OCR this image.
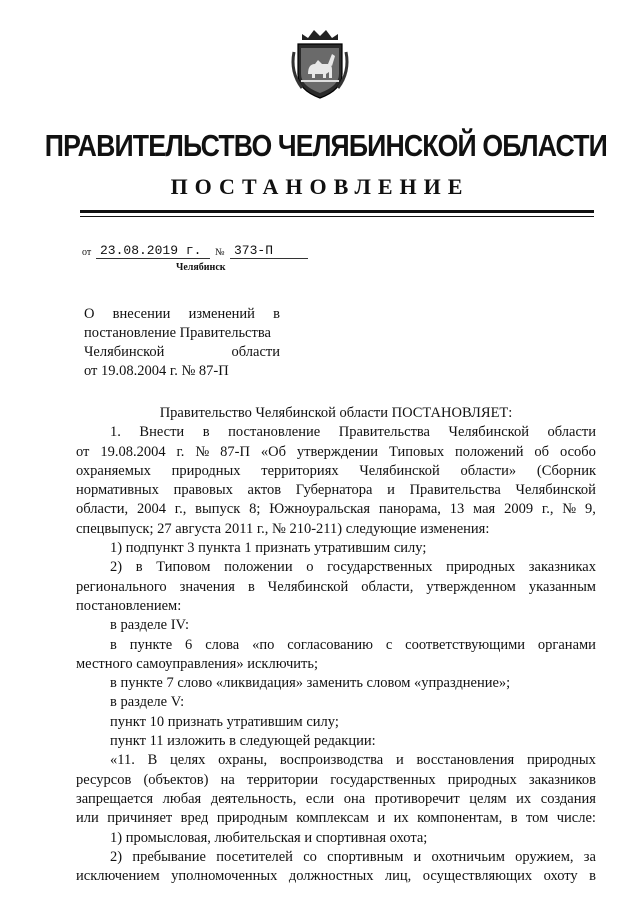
ПРАВИТЕЛЬСТВО ЧЕЛЯБИНСКОЙ ОБЛАСТИ
ПОСТАНОВЛЕНИЕ
от 23.08.2019 г. № 373-П
Челябинск
О внесении изменений в
постановление Правительства
Челябинской	области
от 19.08.2004 г. № 87-П
Правительство Челябинской области ПОСТАНОВЛЯЕТ:
1. Внести в постановление Правительства Челябинской области
от 19.08.2004 г. № 87-П «Об утверждении Типовых положений об особо
охраняемых природных территориях Челябинской области» (Сборник
нормативных правовых актов Губернатора и Правительства Челябинской
области, 2004 г., выпуск 8; Южноуральская панорама, 13 мая 2009 г., № 9,
спецвыпуск; 27 августа 2011 г., № 210-211) следующие изменения:
1) подпункт 3 пункта 1 признать утратившим силу;
2) в Типовом положении о государственных природных заказниках
регионального значения в Челябинской области, утвержденном указанным
постановлением:
в разделе IV:
в пункте 6 слова «по согласованию с соответствующими органами
местного самоуправления» исключить;
в пункте 7 слово «ликвидация» заменить словом «упразднение»;
в разделе V:
пункт 10 признать утратившим силу;
пункт 11 изложить в следующей редакции:
«11. В целях охраны, воспроизводства и восстановления природных
ресурсов (объектов) на территории государственных природных заказников
запрещается любая деятельность, если она противоречит целям их создания
или причиняет вред природным комплексам и их компонентам, в том числе:
1) промысловая, любительская и спортивная охота;
2) пребывание посетителей со спортивным и охотничьим оружием, за
исключением уполномоченных должностных лиц, осуществляющих охоту в
